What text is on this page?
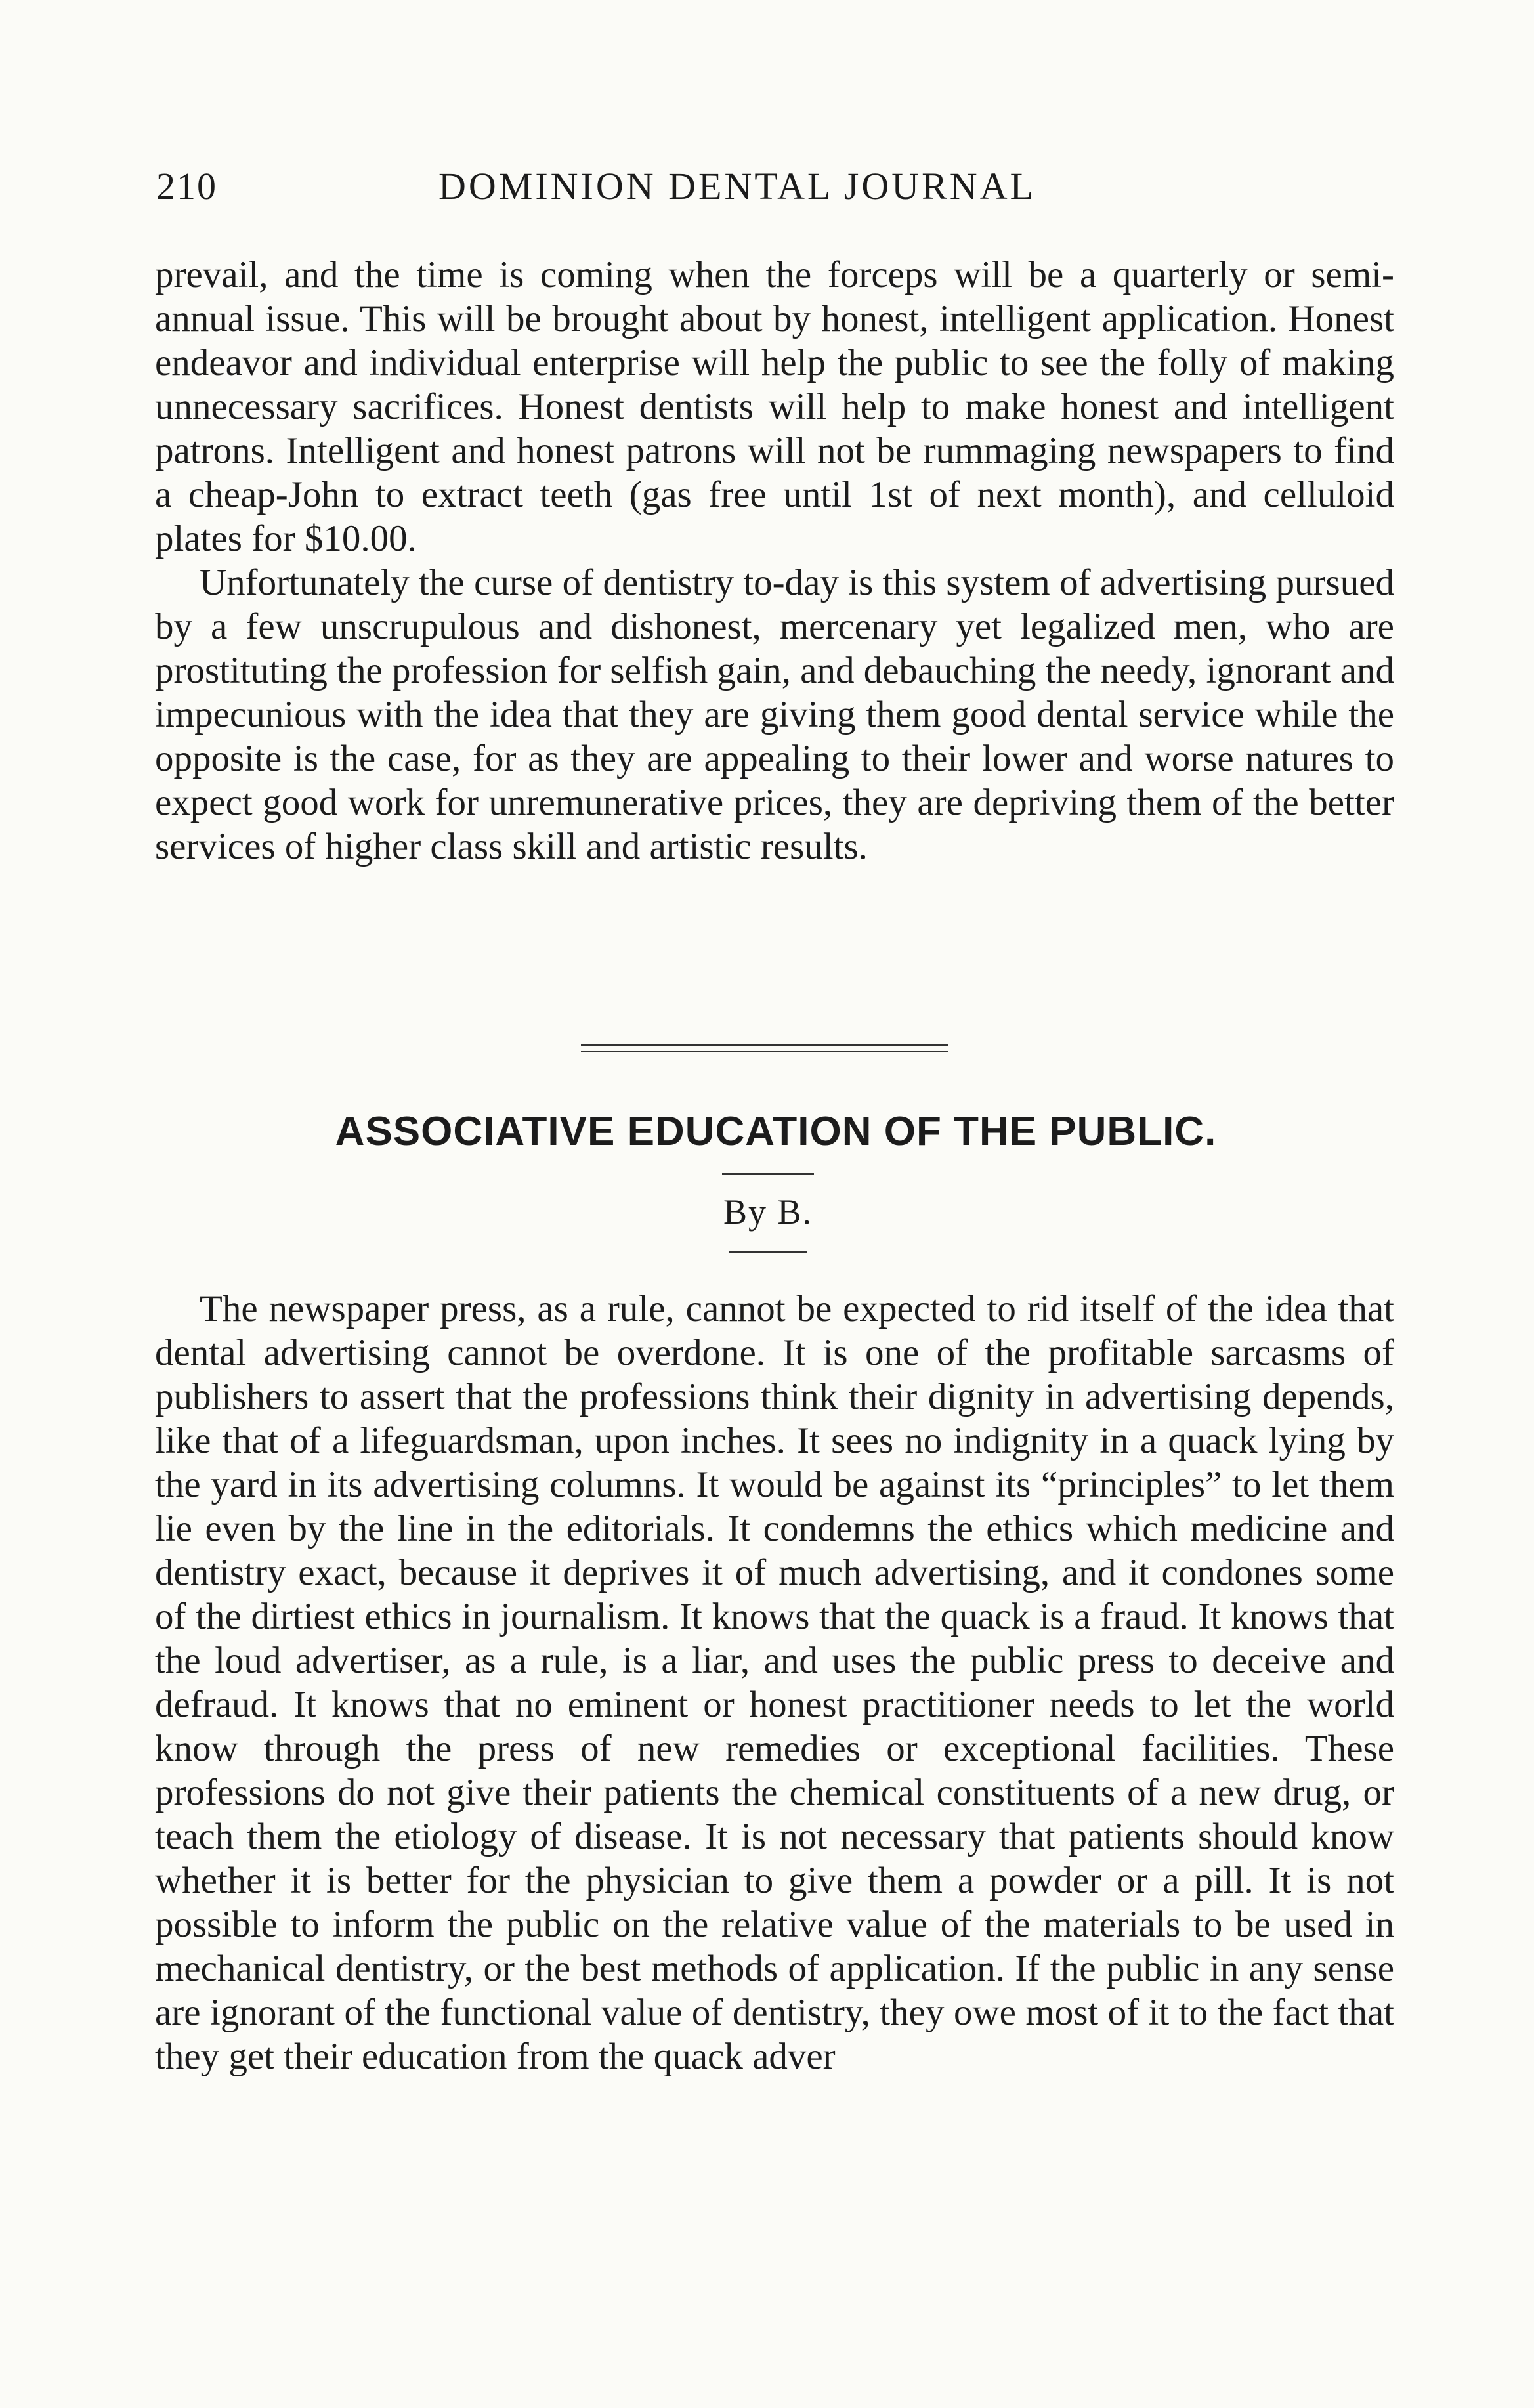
210	DOMINION DENTAL JOURNAL

prevail, and the time is coming when the forceps will be a quarterly or semi-annual issue. This will be brought about by honest, intelligent application. Honest endeavor and individual enterprise will help the public to see the folly of making unnecessary sacrifices. Honest dentists will help to make honest and intelligent patrons. Intelligent and honest patrons will not be rummaging newspapers to find a cheap-John to extract teeth (gas free until 1st of next month), and celluloid plates for $10.00.

Unfortunately the curse of dentistry to-day is this system of advertising pursued by a few unscrupulous and dishonest, mercenary yet legalized men, who are prostituting the profession for selfish gain, and debauching the needy, ignorant and impecunious with the idea that they are giving them good dental service while the opposite is the case, for as they are appealing to their lower and worse natures to expect good work for unremunerative prices, they are depriving them of the better services of higher class skill and artistic results.

ASSOCIATIVE EDUCATION OF THE PUBLIC.
By B.

The newspaper press, as a rule, cannot be expected to rid itself of the idea that dental advertising cannot be overdone. It is one of the profitable sarcasms of publishers to assert that the professions think their dignity in advertising depends, like that of a lifeguardsman, upon inches. It sees no indignity in a quack lying by the yard in its advertising columns. It would be against its “principles” to let them lie even by the line in the editorials. It condemns the ethics which medicine and dentistry exact, because it deprives it of much advertising, and it condones some of the dirtiest ethics in journalism. It knows that the quack is a fraud. It knows that the loud advertiser, as a rule, is a liar, and uses the public press to deceive and defraud. It knows that no eminent or honest practitioner needs to let the world know through the press of new remedies or exceptional facilities. These professions do not give their patients the chemical constituents of a new drug, or teach them the etiology of disease. It is not necessary that patients should know whether it is better for the physician to give them a powder or a pill. It is not possible to inform the public on the relative value of the materials to be used in mechanical dentistry, or the best methods of application. If the public in any sense are ignorant of the functional value of dentistry, they owe most of it to the fact that they get their education from the quack adver
